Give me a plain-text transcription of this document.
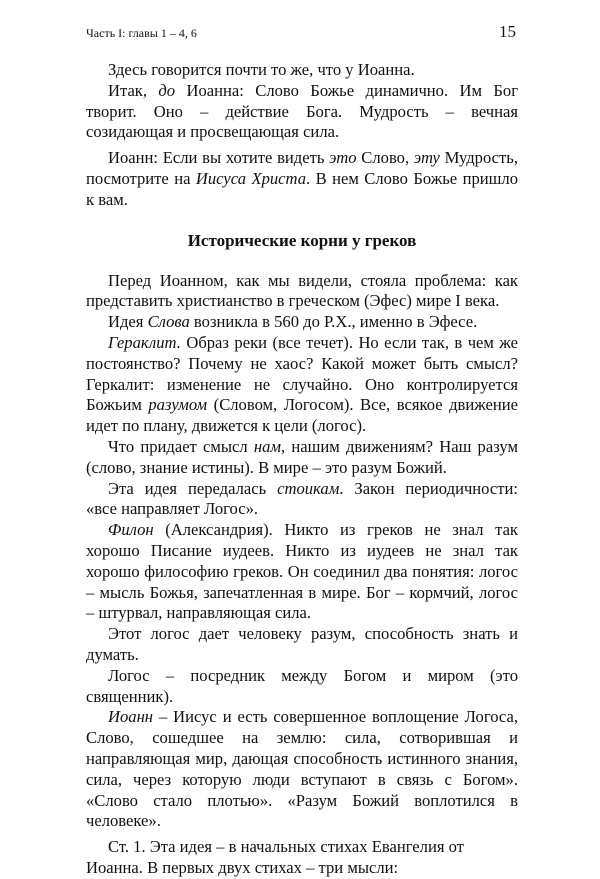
Часть I: главы 1 – 4, 6	15

Здесь говорится почти то же, что у Иоанна.

Итак, до Иоанна: Слово Божье динамично. Им Бог творит. Оно – действие Бога. Мудрость – вечная созидающая и просвещающая сила.

Иоанн: Если вы хотите видеть это Слово, эту Мудрость, посмотрите на Иисуса Христа. В нем Слово Божье пришло к вам.

Исторические корни у греков

Перед Иоанном, как мы видели, стояла проблема: как представить христианство в греческом (Эфес) мире I века.

Идея Слова возникла в 560 до Р.Х., именно в Эфесе.

Гераклит. Образ реки (все течет). Но если так, в чем же постоянство? Почему не хаос? Какой может быть смысл? Геркалит: изменение не случайно. Оно контролируется Божьим разумом (Словом, Логосом). Все, всякое движение идет по плану, движется к цели (логос).

Что придает смысл нам, нашим движениям? Наш разум (слово, знание истины). В мире – это разум Божий.

Эта идея передалась стоикам. Закон периодичности: «все направляет Логос».

Филон (Александрия). Никто из греков не знал так хорошо Писание иудеев. Никто из иудеев не знал так хорошо философию греков. Он соединил два понятия: логос – мысль Божья, запечатленная в мире. Бог – кормчий, логос – штурвал, направляющая сила.

Этот логос дает человеку разум, способность знать и думать.

Логос – посредник между Богом и миром (это священник).

Иоанн – Иисус и есть совершенное воплощение Логоса, Слово, сошедшее на землю: сила, сотворившая и направляющая мир, дающая способность истинного знания, сила, через которую люди вступают в связь с Богом». «Слово стало плотью». «Разум Божий воплотился в человеке».

Ст. 1. Эта идея – в начальных стихах Евангелия от Иоанна. В первых двух стихах – три мысли:
